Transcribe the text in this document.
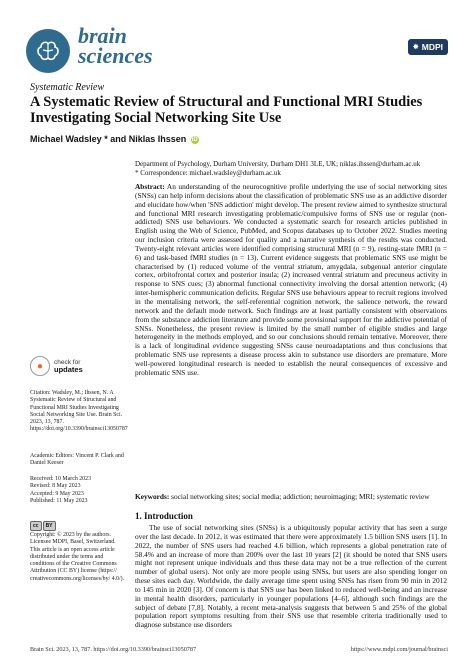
brain sciences	✸ MDPI
Systematic Review
A Systematic Review of Structural and Functional MRI Studies Investigating Social Networking Site Use
Michael Wadsley * and Niklas Ihssen iD
Department of Psychology, Durham University, Durham DH1 3LE, UK; niklas.ihssen@durham.ac.uk
* Correspondence: michael.wadsley@durham.ac.uk
Abstract: An understanding of the neurocognitive profile underlying the use of social networking sites (SNSs) can help inform decisions about the classification of problematic SNS use as an addictive disorder and elucidate how/when 'SNS addiction' might develop. The present review aimed to synthesize structural and functional MRI research investigating problematic/compulsive forms of SNS use or regular (non-addicted) SNS use behaviours. We conducted a systematic search for research articles published in English using the Web of Science, PubMed, and Scopus databases up to October 2022. Studies meeting our inclusion criteria were assessed for quality and a narrative synthesis of the results was conducted. Twenty-eight relevant articles were identified comprising structural MRI (n = 9), resting-state fMRI (n = 6) and task-based fMRI studies (n = 13). Current evidence suggests that problematic SNS use might be characterised by (1) reduced volume of the ventral striatum, amygdala, subgenual anterior cingulate cortex, orbitofrontal cortex and posterior insula; (2) increased ventral striatum and precuneus activity in response to SNS cues; (3) abnormal functional connectivity involving the dorsal attention network; (4) inter-hemispheric communication deficits. Regular SNS use behaviours appear to recruit regions involved in the mentalising network, the self-referential cognition network, the salience network, the reward network and the default mode network. Such findings are at least partially consistent with observations from the substance addiction literature and provide some provisional support for the addictive potential of SNSs. Nonetheless, the present review is limited by the small number of eligible studies and large heterogeneity in the methods employed, and so our conclusions should remain tentative. Moreover, there is a lack of longitudinal evidence suggesting SNSs cause neuroadaptations and thus conclusions that problematic SNS use represents a disease process akin to substance use disorders are premature. More well-powered longitudinal research is needed to establish the neural consequences of excessive and problematic SNS use.
Keywords: social networking sites; social media; addiction; neuroimaging; MRI; systematic review
1. Introduction
The use of social networking sites (SNSs) is a ubiquitously popular activity that has seen a surge over the last decade. In 2012, it was estimated that there were approximately 1.5 billion SNS users [1]. In 2022, the number of SNS users had reached 4.6 billion, which represents a global penetration rate of 58.4% and an increase of more than 200% over the last 10 years [2] (it should be noted that SNS users might not represent unique individuals and thus these data may not be a true reflection of the current number of global users). Not only are more people using SNSs, but users are also spending longer on these sites each day. Worldwide, the daily average time spent using SNSs has risen from 90 min in 2012 to 145 min in 2020 [3]. Of concern is that SNS use has been linked to reduced well-being and an increase in mental health disorders, particularly in younger populations [4–6], although such findings are the subject of debate [7,8]. Notably, a recent meta-analysis suggests that between 5 and 25% of the global population report symptoms resulting from their SNS use that resemble criteria traditionally used to diagnose substance use disorders
●	check for
updates
Citation: Wadsley, M.; Ihssen, N. A Systematic Review of Structural and Functional MRI Studies Investigating Social Networking Site Use. Brain Sci. 2023, 13, 787. https://doi.org/10.3390/brainsci13050787
Academic Editors: Vincent P. Clark and Daniel Keeser
Received: 10 March 2023
Revised: 8 May 2023
Accepted: 9 May 2023
Published: 11 May 2023
cc	BY
Copyright: © 2023 by the authors. Licensee MDPI, Basel, Switzerland. This article is an open access article distributed under the terms and conditions of the Creative Commons Attribution (CC BY) license (https:// creativecommons.org/licenses/by/ 4.0/).
Brain Sci. 2023, 13, 787. https://doi.org/10.3390/brainsci13050787	https://www.mdpi.com/journal/brainsci
